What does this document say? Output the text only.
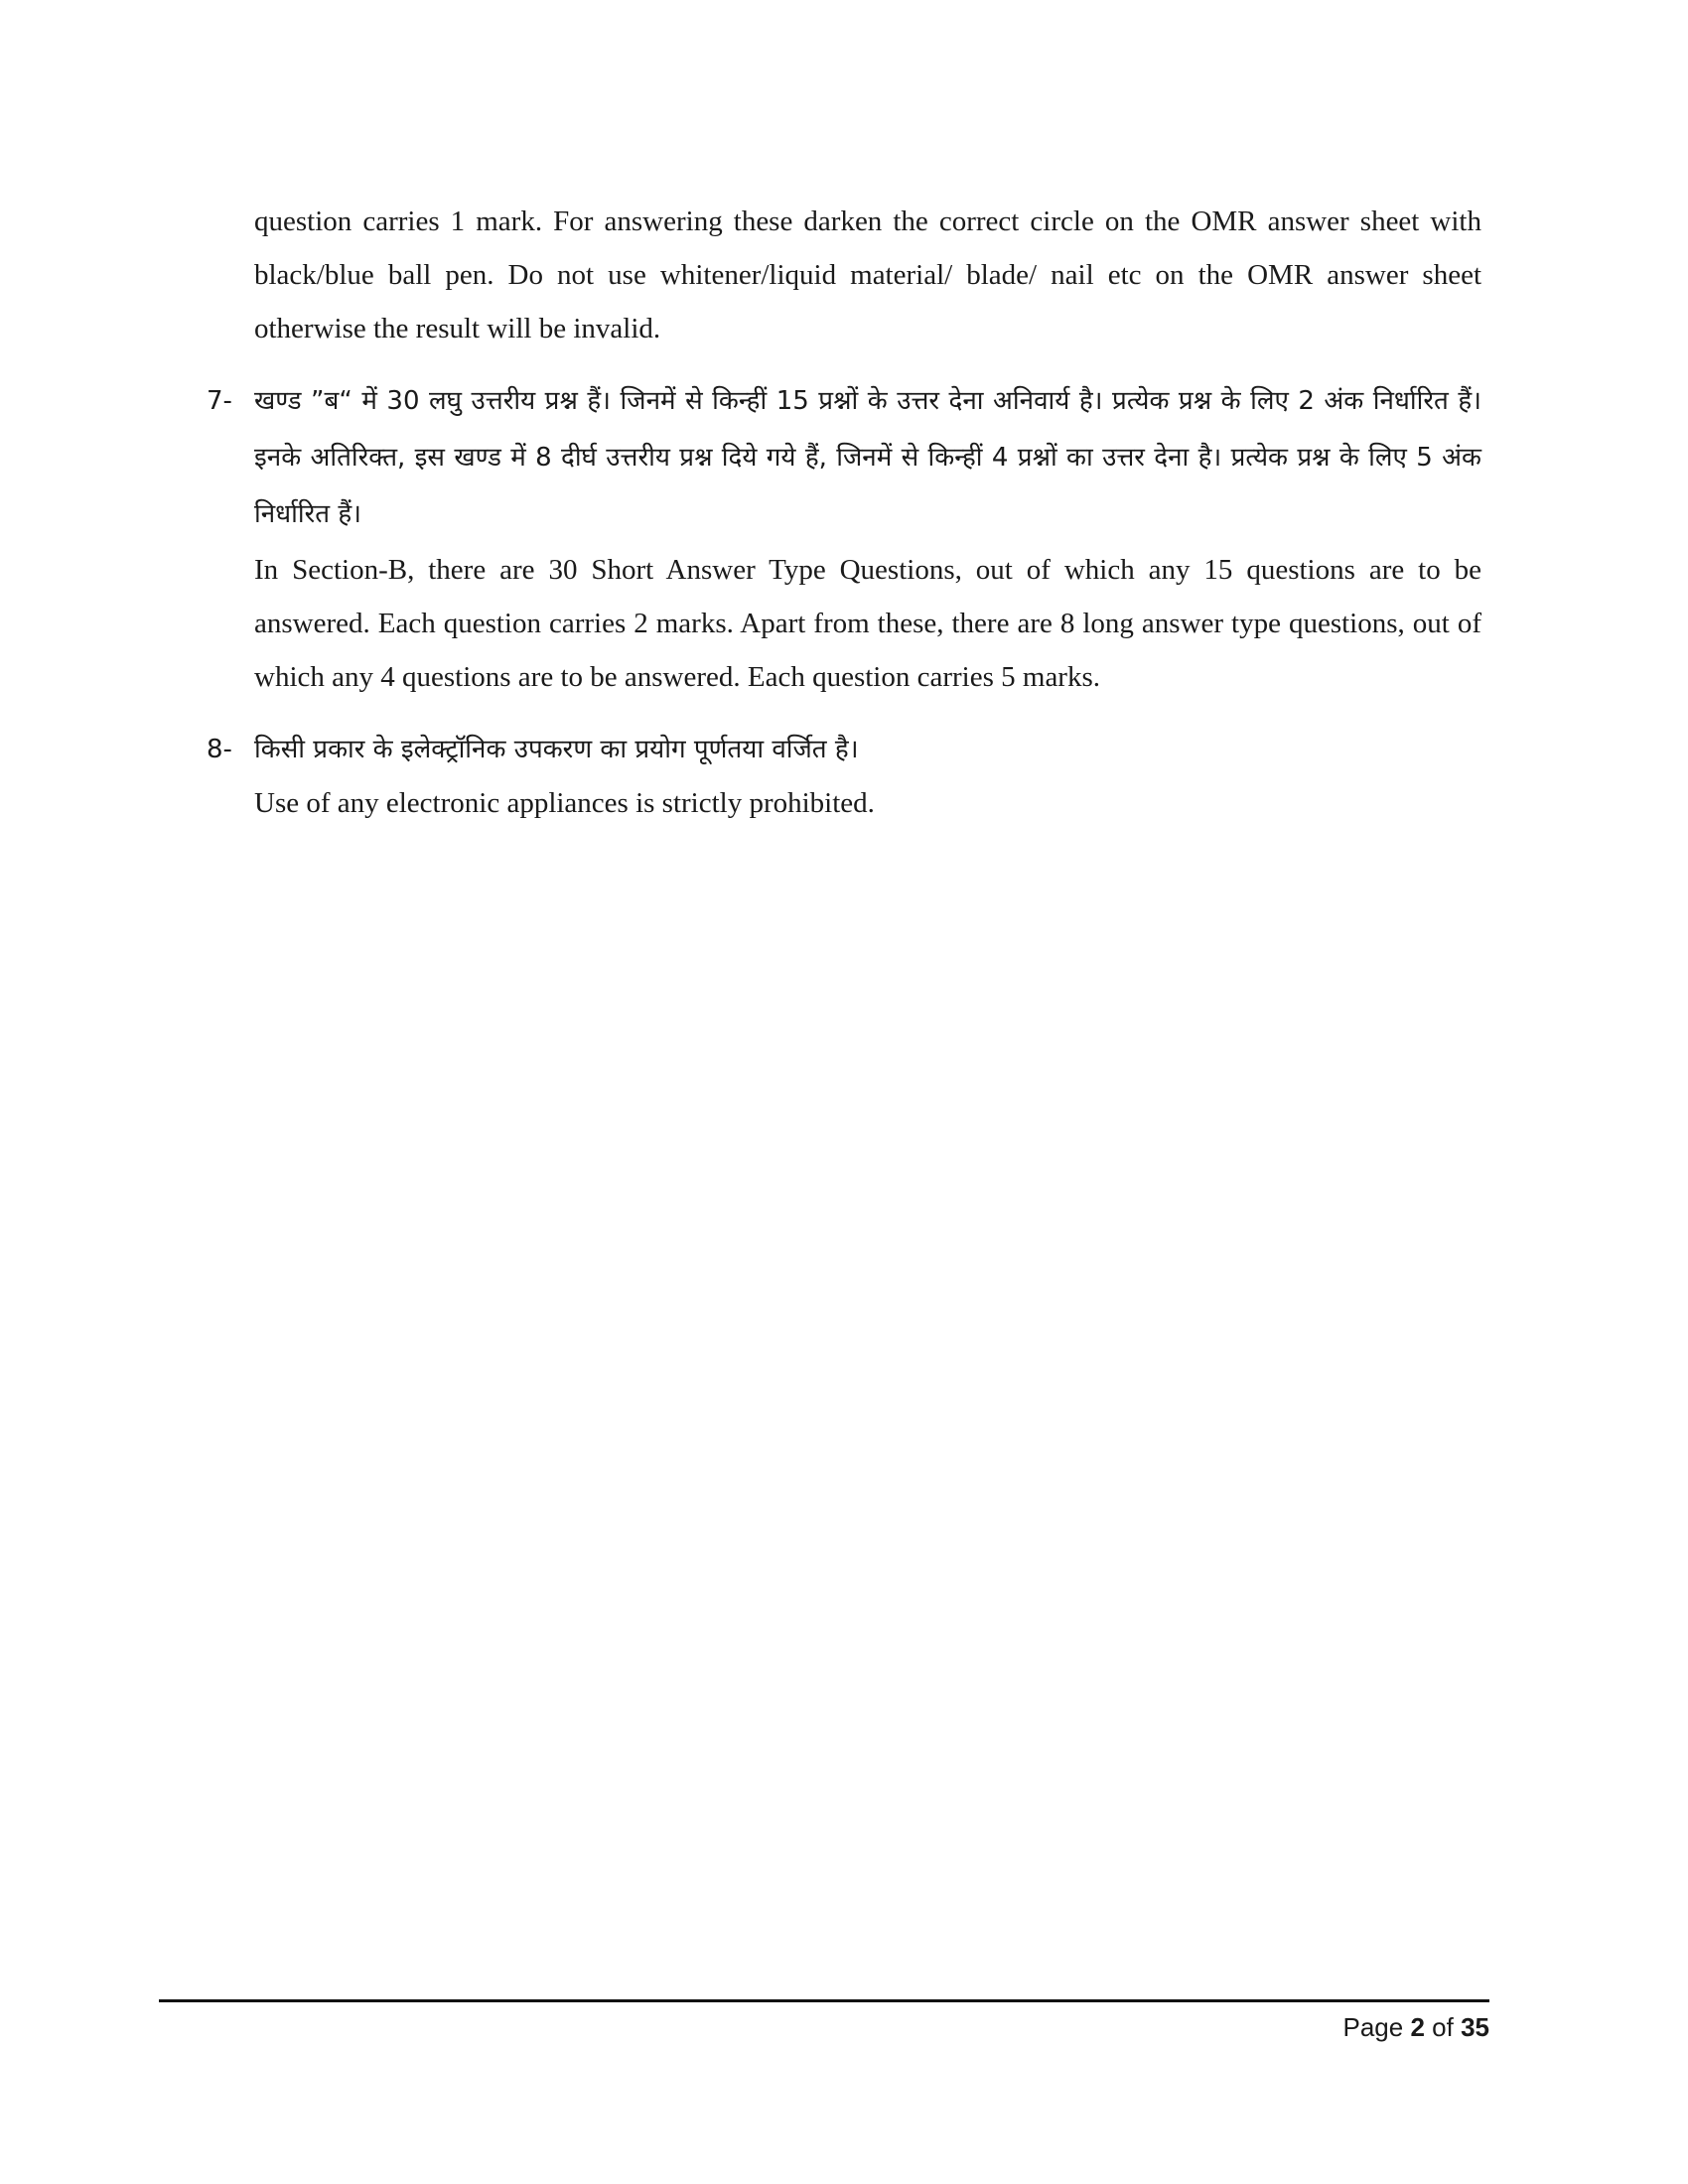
question carries 1 mark. For answering these darken the correct circle on the OMR answer sheet with black/blue ball pen. Do not use whitener/liquid material/ blade/ nail etc on the OMR answer sheet otherwise the result will be invalid.

7- खण्ड ”ब“ में 30 लघु उत्तरीय प्रश्न हैं। जिनमें से किन्हीं 15 प्रश्नों के उत्तर देना अनिवार्य है। प्रत्येक प्रश्न के लिए 2 अंक निर्धारित हैं। इनके अतिरिक्त, इस खण्ड में 8 दीर्घ उत्तरीय प्रश्न दिये गये हैं, जिनमें से किन्हीं 4 प्रश्नों का उत्तर देना है। प्रत्येक प्रश्न के लिए 5 अंक निर्धारित हैं।

In Section-B, there are 30 Short Answer Type Questions, out of which any 15 questions are to be answered. Each question carries 2 marks. Apart from these, there are 8 long answer type questions, out of which any 4 questions are to be answered. Each question carries 5 marks.

8- किसी प्रकार के इलेक्ट्रॉनिक उपकरण का प्रयोग पूर्णतया वर्जित है।

Use of any electronic appliances is strictly prohibited.

Page 2 of 35
